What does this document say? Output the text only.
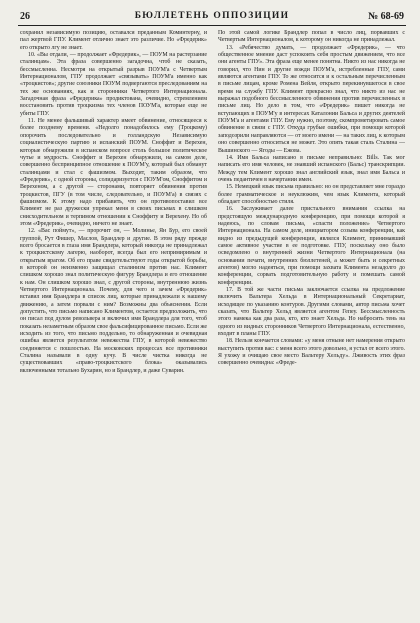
26	БЮЛЛЕТЕНЬ ОППОЗИЦИИ	№ 68-69

сохранил независимую позицию, оставался преданным Коминтерну, и пал жертвой ГПУ. Климент отлично знает это различие. Но «Фредерик» его открыто лгу не знает.

10. «Вы отдали, — продолжает «Фредерик», — ПОУМ на растерзание сталинцам». Эта фраза совершенно загадочна, чтоб не сказать, бессмысленна. Несмотря на открытый разрыв ПОУМ'а с Четвертым Интернационалом, ГПУ продолжает «связывать» ПОУМ'а именно как «троцкистов»; другие союзники ПОУМ подвергаются преследованиям на тех же основаниях, как и сторонники Четвертого Интернационала. Загадочная фраза «Фредерика» продиктована, очевидно, стремлением восстановить против троцкизма тех членов ПОУМ'а, которые еще не убиты ГПУ.

11. Не менее фальшивый характер имеет обвинение, относящееся к более позднему времени. «Недолго понадобилось ему (Троцкому) опорочить последовательно и голландскую Независимую социалистическую партию и испанский ПОУМ. Сноффит и Верехен, которые обнаружили в испанском вопросе столь большое политическое чутье и мудрость. Сноффит и Верехен обнаружили, на самом деле, совершенно беспринципное отношение к ПОУМ'у, который был обманут сталинцами и стал с фашизмом. Выходит, таким образом, что «Фредерик», с одной стороны, солидаризуется с ПОУМ'ом, Сноффитом и Верехеном, а с другой — сторонами, повторяет обвинения против троцкистов, ПГУ (в том числе, следовательно, и ПОУМ'а) в связях с фашизмом. К этому надо прибавить, что он противопоставил все Климент не раз дружески упрекал меня в своих письмах в слишком снисходительном и терпимом отношении к Сноффиту и Верехену. Но об этом «Фредерик», очевидно, ничего не знает.

12. «Вас поймут», — пророчит он, — Молинье, Ян Бур, его своей группой, Рут Фишер, Маслов, Брандлер и другие. В этом ряду прежде всего бросается в глаза имя Брандлера, который никогда не принадлежал к троцкистскому лагерю, наоборот, всегда был его непримиримым и открытым врагом. Об его праве свидетельствуют годы открытой борьбы, в которой он неизменно защищал сталинизм против нас. Климент слишком хорошо знал политическую фигуру Брандлера и его отношение к нам. Он слишком хорошо знал, с другой стороны, внутреннюю жизнь Четвертого Интернационала. Почему, для чего и зачем «Фредерик» вставил имя Брандлера в список лиц, которые принадлежали к нашему движению, а затем порвали с ним? Возможны два объяснения. Если допустить, что письмо написано Климентом, остается предположить, что он писал под дулом револьвера и включил имя Брандлера для того, чтоб показать незаметным образом свое фальсифицированное письмо. Если же исходить из того, что письмо поддельно, то обнаруженная и очевидная ошибка является результатом невежества ГПУ, в которой невежество соединяется с пошлостью. На московских процессах все противники Сталина называли в одну кучу. В числе чистка никогда не существовавших «право-троцкистского блока» оказывались включенными тотально Бухарин, но и Брандлер, и даже Суварин.

По этой самой логике Брандлер попал в число лиц, порвавших с Четвертым Интернационалом, к которому он никогда не принадлежал.

13. «Ребячество думать, — продолжает «Фредерик», — что общественное мнение даст успокоить себя простым движением, что все они агенты ГПУ». Эта фраза еще менее понятна. Никто из нас никогда не говорил, что Нин и другие вожди ПОУМ'а, истребленные ГПУ, сами являются агентами ГПУ. То же относится и к остальным перечисленным в письме лицам, кроме Ромена Вейля, открыто перекинувшегося в свое время на службу ГПУ. Климент прекрасно знал, что никто из нас не выражал подобного бессмысленного обвинения против перечисленных в письме лиц. Но дело в том, что «Фредерик» пишет никогда не вступающих в ПОУМ'у в интересах Каталонии Бальса и других деятелей ПОУМ'а и агентами ГПУ. Ему нужно, поэтому, скомпрометировать самое обвинение в связи с ГПУ. Откуда грубые ошибки, при помощи которой заподозрили направляются — от моего имени — на таких лиц, к которым оно совершенно относиться не может. Это опять такая сталь Сталина — Вышинского — Ягоды — Ежова.

14. Имя Бальса написано в письме неправильно: Bills. Так мог написать его имя человек, не знавший испанского (Бальс) транскрипции. Между тем Климент хорошо знал английский язык, знал имя Бальса и очень педантичен в начертании имен.

15. Немецкий язык письма правильно: но он представляет мне гораздо более грамматическое и неуклюжим, чем язык Климента, который обладает способностью стиля.

16. Заслуживает далее пристального внимания ссылка на предстоящую международную конференцию, при помощи которой я надеюсь, по словам письма, «спасти положение» Четвертого Интернационала. На самом деле, инициатором созыва конференции, как видно из предыдущей конференции, являлся Климент, принимавший самое активное участие в ее подготовке. ГПУ, поскольку оно было осведомлено о внутренней жизни Четвертого Интернационала (на основании печати, внутренних бюллетеней, а может быть и секретных агентов) могло надеяться, при помощи захвата Климента незадолго до конференции, сорвать подготовительную работу и помешать самой конференции.

17. В той же части письма заключается ссылка на предложение включить Вальтера Хельда в Интернациональный Секретариат, исходящее по указанию контуров. Другими словами, автор письма хочет сказать, что Вальтер Хельд является агентом Гепеу. Бессмысленность этого намека как два раза, кто, кто знает Хельда. Но набросить тень на одного из видных сторонников Четвертого Интернационала, естественно, входит в планы ГПУ.

18. Нельзя кончается словами: «у меня отныне нет намерения открыто выступить против вас: с меня всего этого довольно, я устал от всего этого. Я ухожу и очищаю свое место Вальтеру Хельду». Лживость этих фраз совершенно очевидна: «Фреде-
